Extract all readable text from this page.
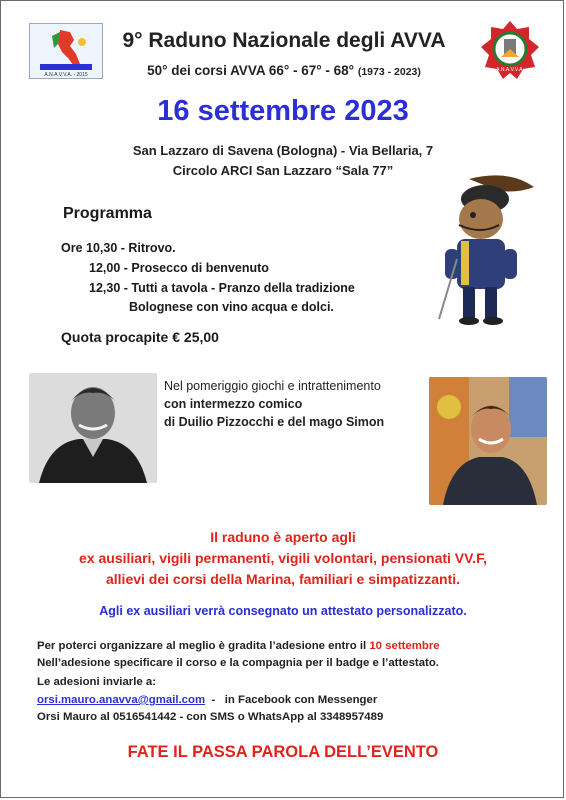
A.N.A.V.V.A. - 2015
A.N.A.V.V.A.
9° Raduno Nazionale degli AVVA
50° dei corsi AVVA 66° - 67° - 68° (1973 - 2023)
16 settembre 2023
San Lazzaro di Savena (Bologna) - Via Bellaria, 7
Circolo ARCI San Lazzaro “Sala 77”
Programma
Ore 10,30 - Ritrovo.
12,00 - Prosecco di benvenuto
12,30 - Tutti a tavola - Pranzo della tradizione
Bolognese con vino acqua e dolci.
Quota procapite € 25,00
Nel pomeriggio giochi e intrattenimento
con intermezzo comico
di Duilio Pizzocchi e del mago Simon
Il raduno è aperto agli
ex ausiliari, vigili permanenti, vigili volontari, pensionati VV.F,
allievi dei corsi della Marina, familiari e simpatizzanti.
Agli ex ausiliari verrà consegnato un attestato personalizzato.
Per poterci organizzare al meglio è gradita l’adesione entro il 10 settembre
Nell’adesione specificare il corso e la compagnia per il badge e l’attestato.
Le adesioni inviarle a:
orsi.mauro.anavva@gmail.com  -   in Facebook con Messenger
Orsi Mauro al 0516541442 - con SMS o WhatsApp al 3348957489
FATE IL PASSA PAROLA DELL’EVENTO
